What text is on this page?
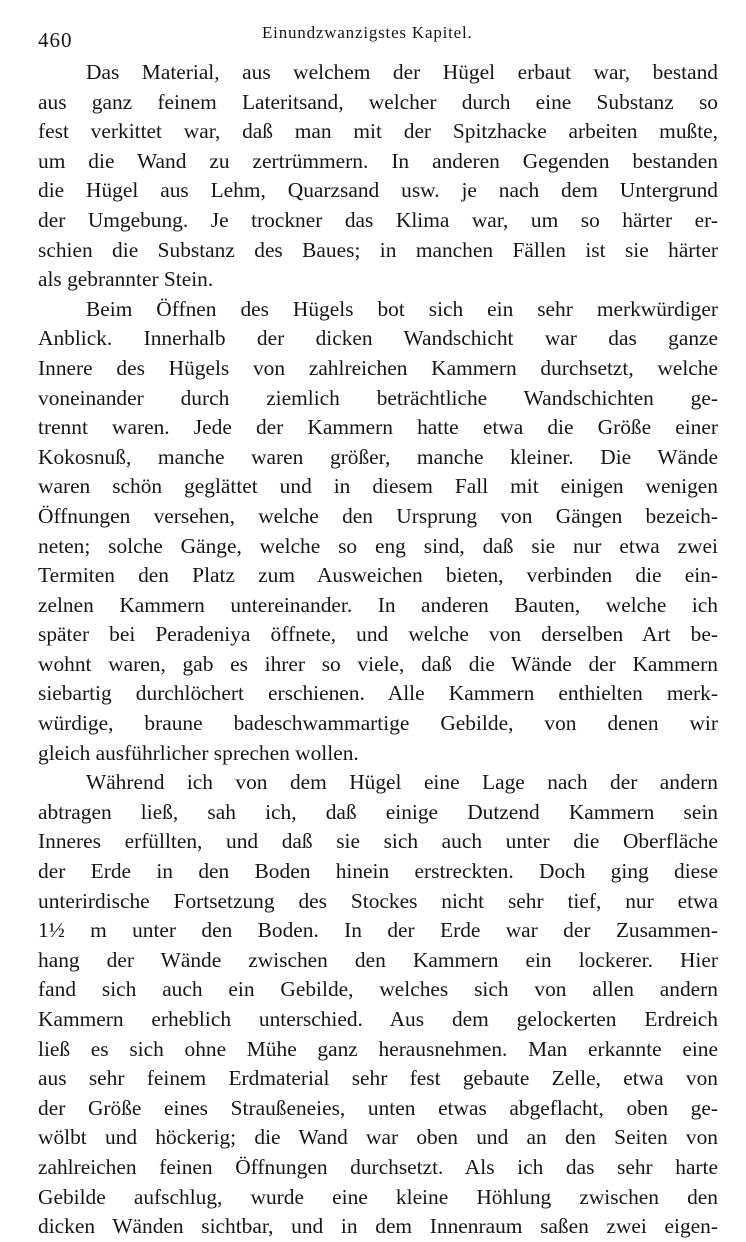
460	Einundzwanzigstes Kapitel.
Das Material, aus welchem der Hügel erbaut war, bestand
aus ganz feinem Lateritsand, welcher durch eine Substanz so
fest verkittet war, daß man mit der Spitzhacke arbeiten mußte,
um die Wand zu zertrümmern. In anderen Gegenden bestanden
die Hügel aus Lehm, Quarzsand usw. je nach dem Untergrund
der Umgebung. Je trockner das Klima war, um so härter er-
schien die Substanz des Baues; in manchen Fällen ist sie härter
als gebrannter Stein.
Beim Öffnen des Hügels bot sich ein sehr merkwürdiger
Anblick. Innerhalb der dicken Wandschicht war das ganze
Innere des Hügels von zahlreichen Kammern durchsetzt, welche
voneinander durch ziemlich beträchtliche Wandschichten ge-
trennt waren. Jede der Kammern hatte etwa die Größe einer
Kokosnuß, manche waren größer, manche kleiner. Die Wände
waren schön geglättet und in diesem Fall mit einigen wenigen
Öffnungen versehen, welche den Ursprung von Gängen bezeich-
neten; solche Gänge, welche so eng sind, daß sie nur etwa zwei
Termiten den Platz zum Ausweichen bieten, verbinden die ein-
zelnen Kammern untereinander. In anderen Bauten, welche ich
später bei Peradeniya öffnete, und welche von derselben Art be-
wohnt waren, gab es ihrer so viele, daß die Wände der Kammern
siebartig durchlöchert erschienen. Alle Kammern enthielten merk-
würdige, braune badeschwammartige Gebilde, von denen wir
gleich ausführlicher sprechen wollen.
Während ich von dem Hügel eine Lage nach der andern
abtragen ließ, sah ich, daß einige Dutzend Kammern sein
Inneres erfüllten, und daß sie sich auch unter die Oberfläche
der Erde in den Boden hinein erstreckten. Doch ging diese
unterirdische Fortsetzung des Stockes nicht sehr tief, nur etwa
1½ m unter den Boden. In der Erde war der Zusammen-
hang der Wände zwischen den Kammern ein lockerer. Hier
fand sich auch ein Gebilde, welches sich von allen andern
Kammern erheblich unterschied. Aus dem gelockerten Erdreich
ließ es sich ohne Mühe ganz herausnehmen. Man erkannte eine
aus sehr feinem Erdmaterial sehr fest gebaute Zelle, etwa von
der Größe eines Straußeneies, unten etwas abgeflacht, oben ge-
wölbt und höckerig; die Wand war oben und an den Seiten von
zahlreichen feinen Öffnungen durchsetzt. Als ich das sehr harte
Gebilde aufschlug, wurde eine kleine Höhlung zwischen den
dicken Wänden sichtbar, und in dem Innenraum saßen zwei eigen-
